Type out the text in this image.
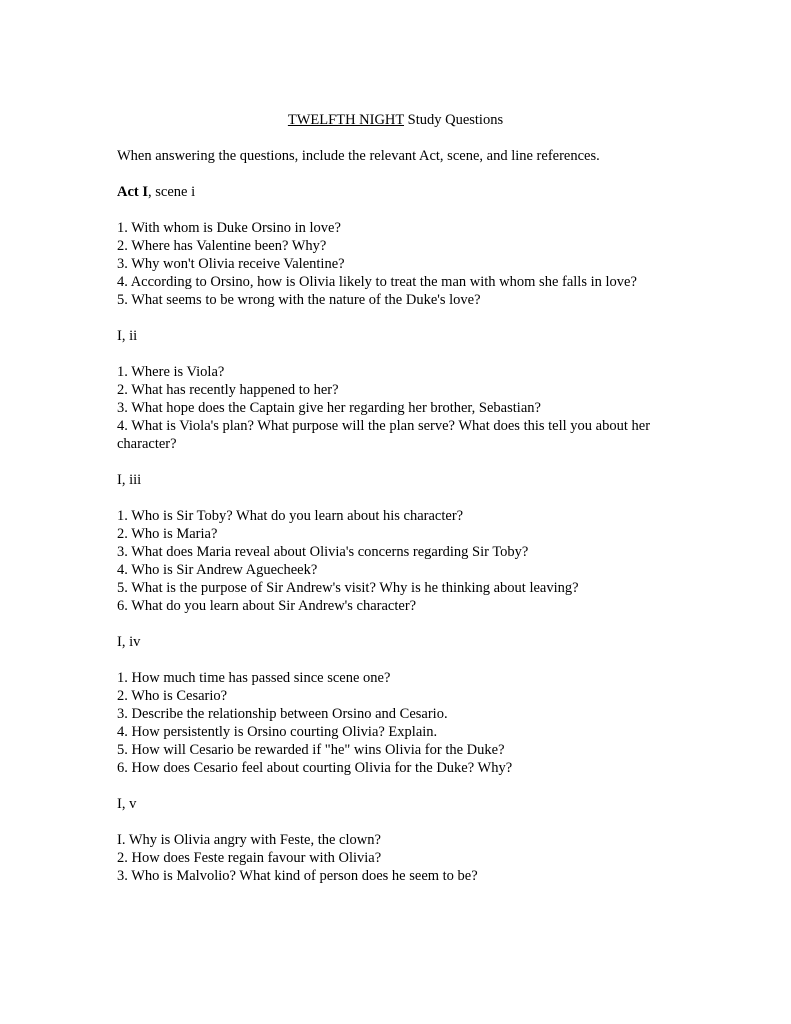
TWELFTH NIGHT Study Questions

When answering the questions, include the relevant Act, scene, and line references.

Act I, scene i

1. With whom is Duke Orsino in love?
2. Where has Valentine been? Why?
3. Why won't Olivia receive Valentine?
4. According to Orsino, how is Olivia likely to treat the man with whom she falls in love?
5. What seems to be wrong with the nature of the Duke's love?

I, ii

1. Where is Viola?
2. What has recently happened to her?
3. What hope does the Captain give her regarding her brother, Sebastian?
4. What is Viola's plan? What purpose will the plan serve? What does this tell you about her character?

I, iii

1. Who is Sir Toby? What do you learn about his character?
2. Who is Maria?
3. What does Maria reveal about Olivia's concerns regarding Sir Toby?
4. Who is Sir Andrew Aguecheek?
5. What is the purpose of Sir Andrew's visit? Why is he thinking about leaving?
6. What do you learn about Sir Andrew's character?

I, iv

1. How much time has passed since scene one?
2. Who is Cesario?
3. Describe the relationship between Orsino and Cesario.
4. How persistently is Orsino courting Olivia? Explain.
5. How will Cesario be rewarded if "he" wins Olivia for the Duke?
6. How does Cesario feel about courting Olivia for the Duke? Why?

I, v

I. Why is Olivia angry with Feste, the clown?
2. How does Feste regain favour with Olivia?
3. Who is Malvolio? What kind of person does he seem to be?
